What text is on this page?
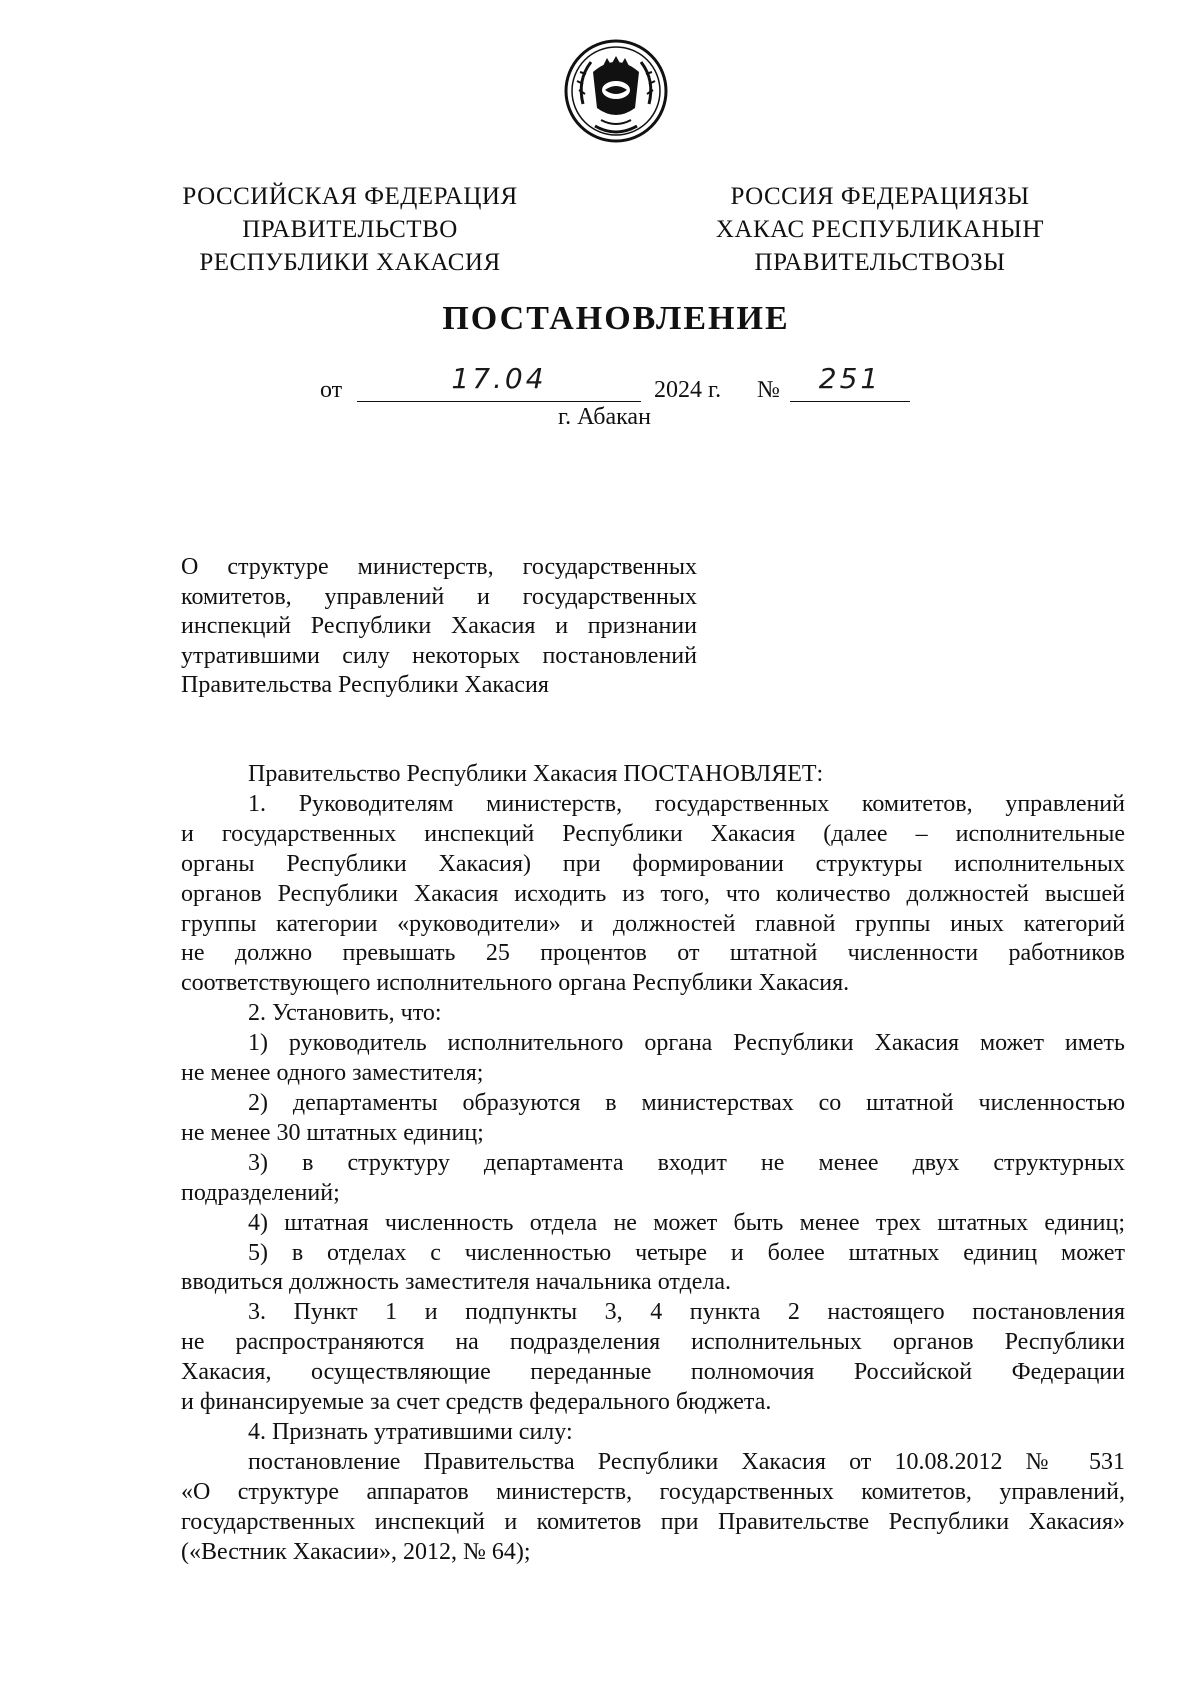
РОССИЙСКАЯ ФЕДЕРАЦИЯ
ПРАВИТЕЛЬСТВО
РЕСПУБЛИКИ ХАКАСИЯ
РОССИЯ ФЕДЕРАЦИЯЗЫ
ХАКАС РЕСПУБЛИКАНЫҤ
ПРАВИТЕЛЬСТВОЗЫ
ПОСТАНОВЛЕНИЕ
от	17.04	2024 г. №	251
г. Абакан
О структуре министерств, государственных
комитетов, управлений и государственных
инспекций Республики Хакасия и признании
утратившими силу некоторых постановлений
Правительства Республики Хакасия
Правительство Республики Хакасия ПОСТАНОВЛЯЕТ:
1. Руководителям министерств, государственных комитетов, управлений
и государственных инспекций Республики Хакасия (далее – исполнительные
органы Республики Хакасия) при формировании структуры исполнительных
органов Республики Хакасия исходить из того, что количество должностей высшей
группы категории «руководители» и должностей главной группы иных категорий
не должно превышать 25 процентов от штатной численности работников
соответствующего исполнительного органа Республики Хакасия.
2. Установить, что:
1) руководитель исполнительного органа Республики Хакасия может иметь
не менее одного заместителя;
2) департаменты образуются в министерствах со штатной численностью
не менее 30 штатных единиц;
3) в структуру департамента входит не менее двух структурных
подразделений;
4) штатная численность отдела не может быть менее трех штатных единиц;
5) в отделах с численностью четыре и более штатных единиц может
вводиться должность заместителя начальника отдела.
3. Пункт 1 и подпункты 3, 4 пункта 2 настоящего постановления
не распространяются на подразделения исполнительных органов Республики
Хакасия, осуществляющие переданные полномочия Российской Федерации
и финансируемые за счет средств федерального бюджета.
4. Признать утратившими силу:
постановление Правительства Республики Хакасия от 10.08.2012 № 531
«О структуре аппаратов министерств, государственных комитетов, управлений,
государственных инспекций и комитетов при Правительстве Республики Хакасия»
(«Вестник Хакасии», 2012, № 64);
